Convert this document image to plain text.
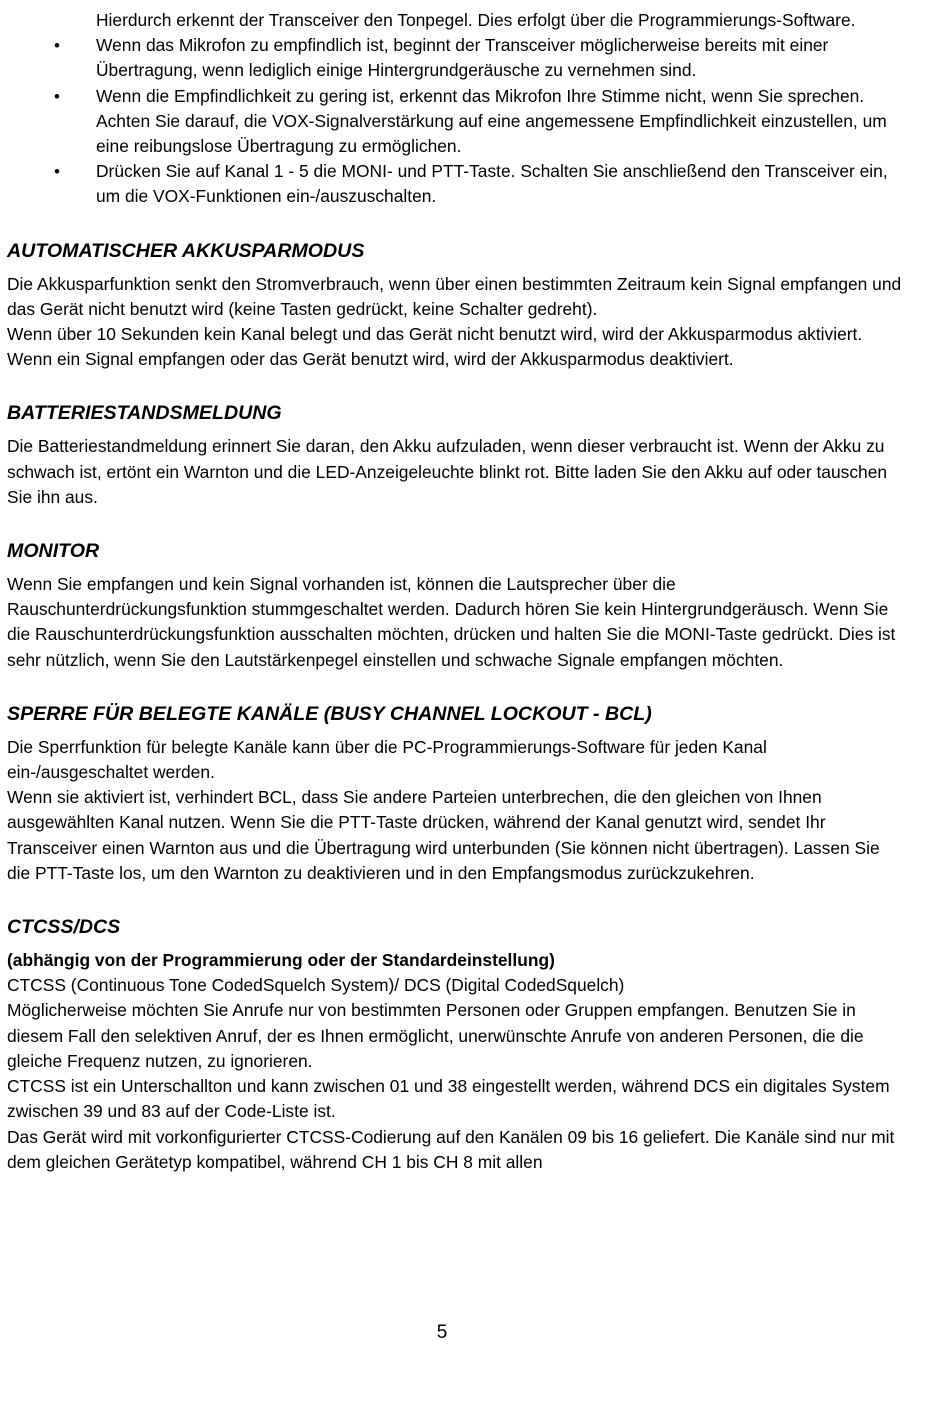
Hierdurch erkennt der Transceiver den Tonpegel. Dies erfolgt über die Programmierungs-Software.
• Wenn das Mikrofon zu empfindlich ist, beginnt der Transceiver möglicherweise bereits mit einer Übertragung, wenn lediglich einige Hintergrundgeräusche zu vernehmen sind.
• Wenn die Empfindlichkeit zu gering ist, erkennt das Mikrofon Ihre Stimme nicht, wenn Sie sprechen. Achten Sie darauf, die VOX-Signalverstärkung auf eine angemessene Empfindlichkeit einzustellen, um eine reibungslose Übertragung zu ermöglichen.
• Drücken Sie auf Kanal 1 - 5 die MONI- und PTT-Taste. Schalten Sie anschließend den Transceiver ein, um die VOX-Funktionen ein-/auszuschalten.
AUTOMATISCHER AKKUSPARMODUS

Die Akkusparfunktion senkt den Stromverbrauch, wenn über einen bestimmten Zeitraum kein Signal empfangen und das Gerät nicht benutzt wird (keine Tasten gedrückt, keine Schalter gedreht).

Wenn über 10 Sekunden kein Kanal belegt und das Gerät nicht benutzt wird, wird der Akkusparmodus aktiviert.

Wenn ein Signal empfangen oder das Gerät benutzt wird, wird der Akkusparmodus deaktiviert.

BATTERIESTANDSMELDUNG

Die Batteriestandmeldung erinnert Sie daran, den Akku aufzuladen, wenn dieser verbraucht ist. Wenn der Akku zu schwach ist, ertönt ein Warnton und die LED-Anzeigeleuchte blinkt rot. Bitte laden Sie den Akku auf oder tauschen Sie ihn aus.

MONITOR

Wenn Sie empfangen und kein Signal vorhanden ist, können die Lautsprecher über die Rauschunterdrückungsfunktion stummgeschaltet werden. Dadurch hören Sie kein Hintergrundgeräusch. Wenn Sie die Rauschunterdrückungsfunktion ausschalten möchten, drücken und halten Sie die MONI-Taste gedrückt. Dies ist sehr nützlich, wenn Sie den Lautstärkenpegel einstellen und schwache Signale empfangen möchten.

SPERRE FÜR BELEGTE KANÄLE (BUSY CHANNEL LOCKOUT - BCL)

Die Sperrfunktion für belegte Kanäle kann über die PC-Programmierungs-Software für jeden Kanal ein-/ausgeschaltet werden.

Wenn sie aktiviert ist, verhindert BCL, dass Sie andere Parteien unterbrechen, die den gleichen von Ihnen ausgewählten Kanal nutzen. Wenn Sie die PTT-Taste drücken, während der Kanal genutzt wird, sendet Ihr Transceiver einen Warnton aus und die Übertragung wird unterbunden (Sie können nicht übertragen). Lassen Sie die PTT-Taste los, um den Warnton zu deaktivieren und in den Empfangsmodus zurückzukehren.

CTCSS/DCS

(abhängig von der Programmierung oder der Standardeinstellung)

CTCSS (Continuous Tone CodedSquelch System)/ DCS (Digital CodedSquelch)

Möglicherweise möchten Sie Anrufe nur von bestimmten Personen oder Gruppen empfangen. Benutzen Sie in diesem Fall den selektiven Anruf, der es Ihnen ermöglicht, unerwünschte Anrufe von anderen Personen, die die gleiche Frequenz nutzen, zu ignorieren.

CTCSS ist ein Unterschallton und kann zwischen 01 und 38 eingestellt werden, während DCS ein digitales System zwischen 39 und 83 auf der Code-Liste ist.

Das Gerät wird mit vorkonfigurierter CTCSS-Codierung auf den Kanälen 09 bis 16 geliefert. Die Kanäle sind nur mit dem gleichen Gerätetyp kompatibel, während CH 1 bis CH 8 mit allen

5
